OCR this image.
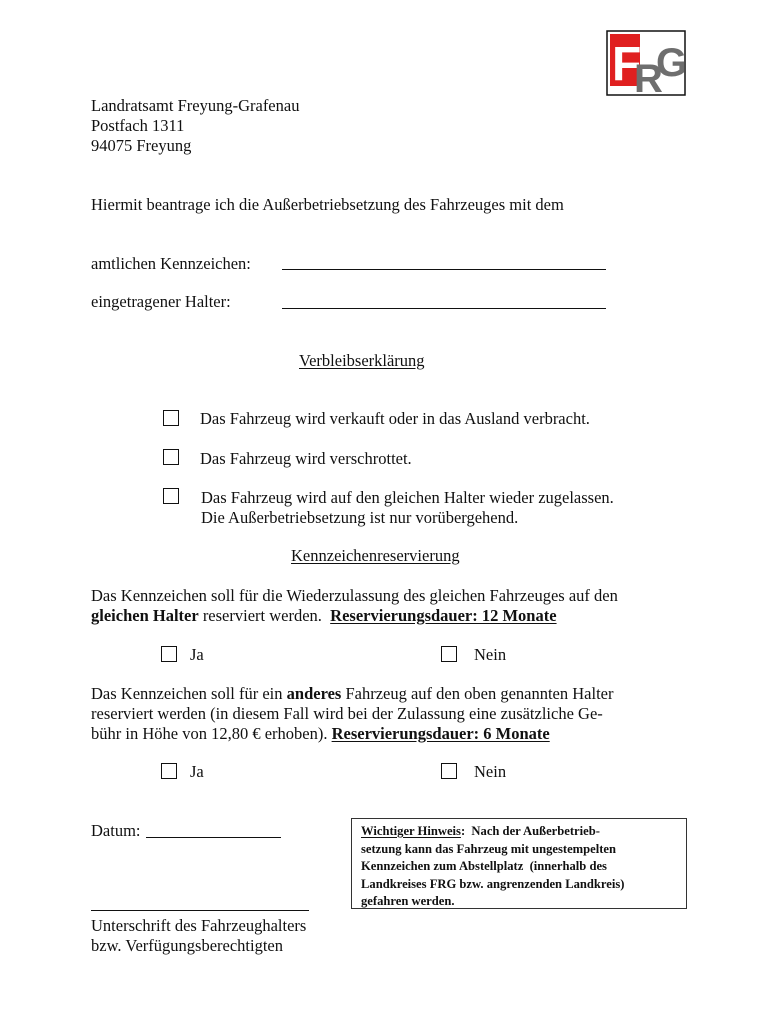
F
R
G
Landratsamt Freyung-Grafenau
Postfach 1311
94075 Freyung
Hiermit beantrage ich die Außerbetriebsetzung des Fahrzeuges mit dem
amtlichen Kennzeichen:
eingetragener Halter:
Verbleibserklärung
Das Fahrzeug wird verkauft oder in das Ausland verbracht.
Das Fahrzeug wird verschrottet.
Das Fahrzeug wird auf den gleichen Halter wieder zugelassen.
Die Außerbetriebsetzung ist nur vorübergehend.
Kennzeichenreservierung
Das Kennzeichen soll für die Wiederzulassung des gleichen Fahrzeuges auf den
gleichen Halter reserviert werden.  Reservierungsdauer: 12 Monate
Ja	Nein
Das Kennzeichen soll für ein anderes Fahrzeug auf den oben genannten Halter
reserviert werden (in diesem Fall wird bei der Zulassung eine zusätzliche Ge-
bühr in Höhe von 12,80 € erhoben). Reservierungsdauer: 6 Monate
Ja	Nein
Datum:
Unterschrift des Fahrzeughalters
bzw. Verfügungsberechtigten
Wichtiger Hinweis:  Nach der Außerbetrieb-
setzung kann das Fahrzeug mit ungestempelten
Kennzeichen zum Abstellplatz  (innerhalb des
Landkreises FRG bzw. angrenzenden Landkreis)
gefahren werden.
